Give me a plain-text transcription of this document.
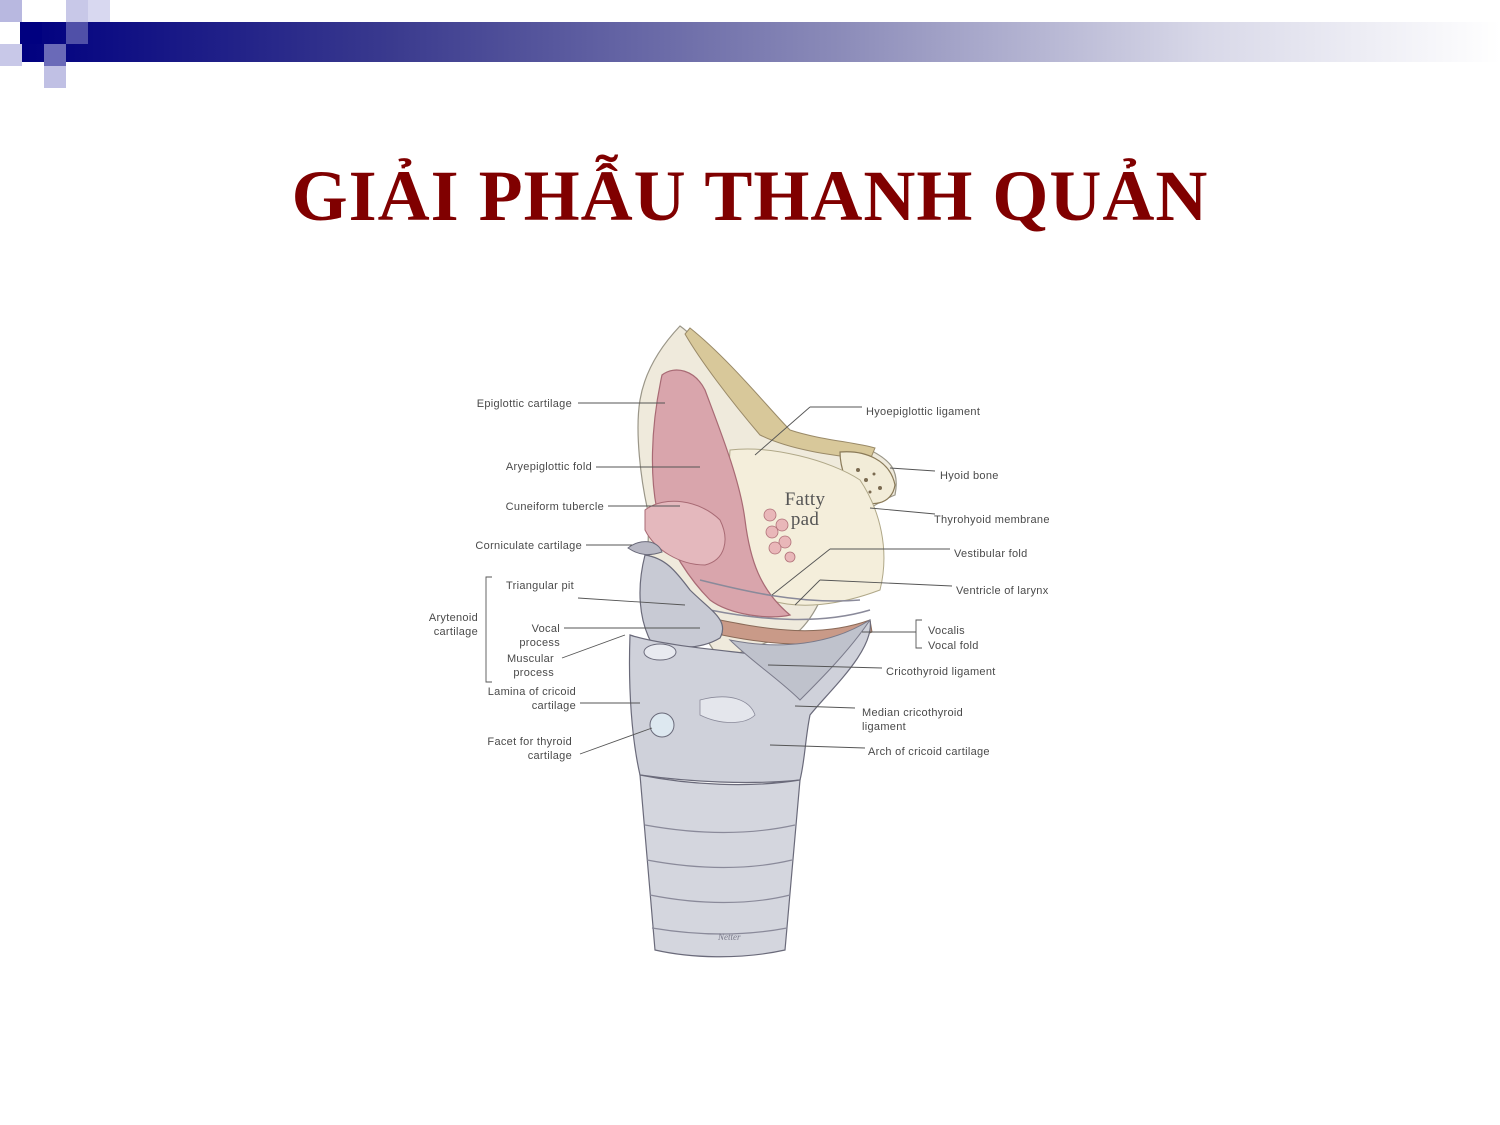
GIẢI PHẪU THANH QUẢN
Netter
Epiglottic cartilage
Aryepiglottic fold
Cuneiform tubercle
Corniculate cartilage
Arytenoid cartilage
Triangular pit
Vocal process
Muscular process
Lamina of cricoid cartilage
Facet for thyroid cartilage
Fatty pad
Hyoepiglottic ligament
Hyoid bone
Thyrohyoid membrane
Vestibular fold
Ventricle of larynx
Vocalis
Vocal fold
Cricothyroid ligament
Median cricothyroid ligament
Arch of cricoid cartilage
